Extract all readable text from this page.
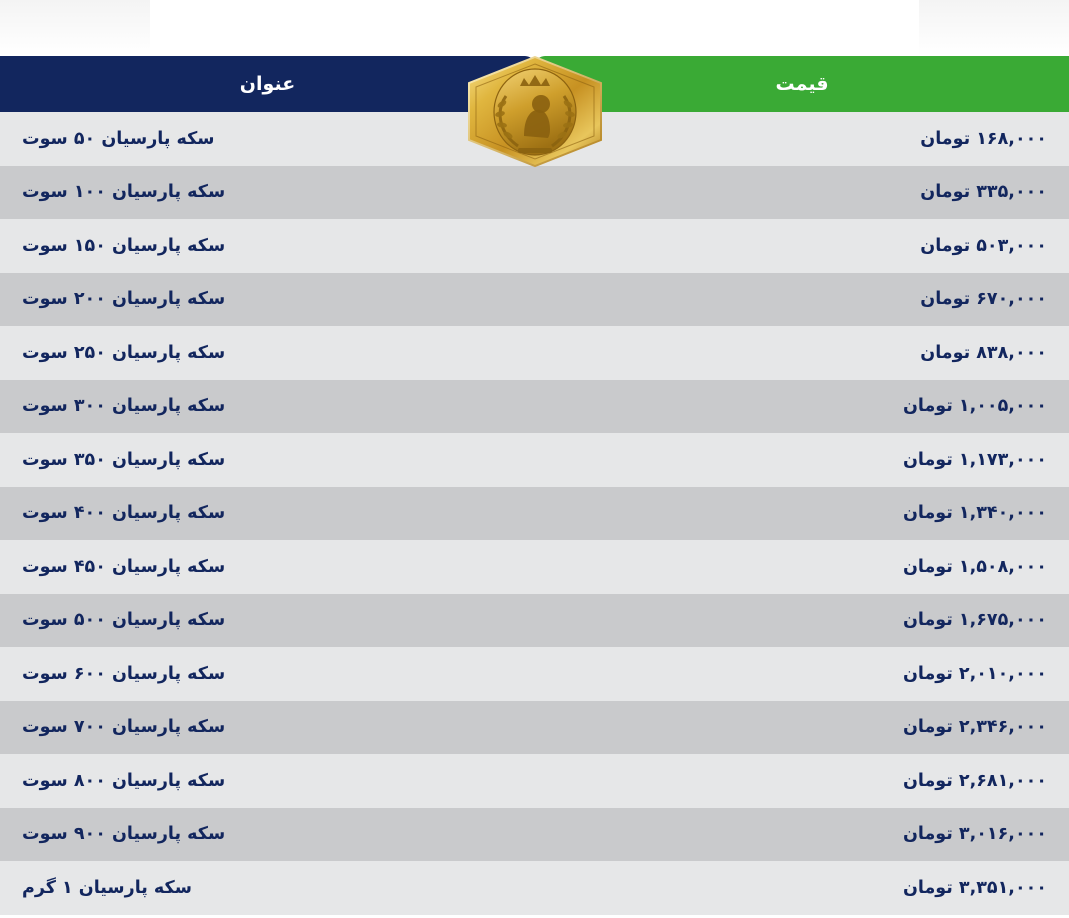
قیمت	عنوان
۱۶۸,۰۰۰ تومان	سکه پارسیان ۵۰ سوت
۳۳۵,۰۰۰ تومان	سکه پارسیان ۱۰۰ سوت
۵۰۳,۰۰۰ تومان	سکه پارسیان ۱۵۰ سوت
۶۷۰,۰۰۰ تومان	سکه پارسیان ۲۰۰ سوت
۸۳۸,۰۰۰ تومان	سکه پارسیان ۲۵۰ سوت
۱,۰۰۵,۰۰۰ تومان	سکه پارسیان ۳۰۰ سوت
۱,۱۷۳,۰۰۰ تومان	سکه پارسیان ۳۵۰ سوت
۱,۳۴۰,۰۰۰ تومان	سکه پارسیان ۴۰۰ سوت
۱,۵۰۸,۰۰۰ تومان	سکه پارسیان ۴۵۰ سوت
۱,۶۷۵,۰۰۰ تومان	سکه پارسیان ۵۰۰ سوت
۲,۰۱۰,۰۰۰ تومان	سکه پارسیان ۶۰۰ سوت
۲,۳۴۶,۰۰۰ تومان	سکه پارسیان ۷۰۰ سوت
۲,۶۸۱,۰۰۰ تومان	سکه پارسیان ۸۰۰ سوت
۳,۰۱۶,۰۰۰ تومان	سکه پارسیان ۹۰۰ سوت
۳,۳۵۱,۰۰۰ تومان	سکه پارسیان ۱ گرم
